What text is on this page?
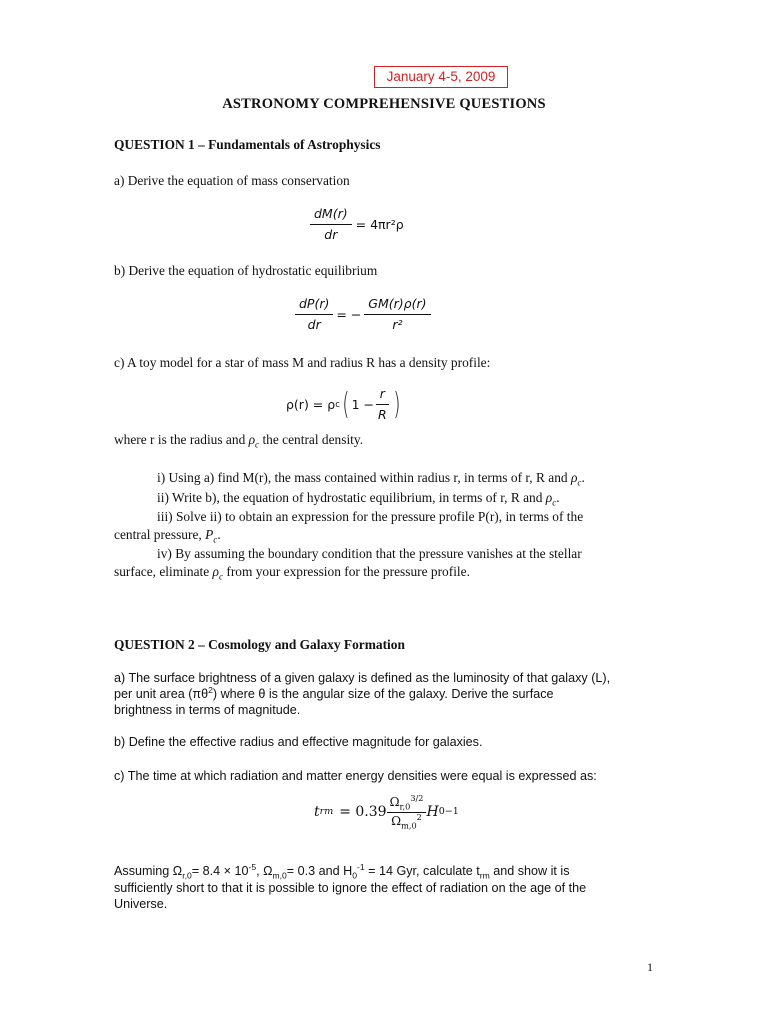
January 4-5, 2009
ASTRONOMY COMPREHENSIVE QUESTIONS
QUESTION 1 – Fundamentals of Astrophysics
a) Derive the equation of mass conservation
$\frac{dM(r)}{dr} = 4\pi r^2\rho$
b) Derive the equation of hydrostatic equilibrium
$\frac{dP(r)}{dr}$ = − $\frac{GM(r)\rho(r)}{\text{r²}}$
c) A toy model for a star of mass M and radius R has a density profile:
ρ(r) = ρ c ( $1 - \frac{r}{R}$ )
where r is the radius and $\rho_c$ the central density.
i) Using a) find M(r), the mass contained within radius r, in terms of r, R and $\rho_c$.
ii) Write b), the equation of hydrostatic equilibrium, in terms of r, R and $\rho_c$.
iii) Solve ii) to obtain an expression for the pressure profile P(r), in terms of the
central pressure, $P_c$.
iv) By assuming the boundary condition that the pressure vanishes at the stellar
surface, eliminate $\rho_c$ from your expression for the pressure profile.
QUESTION 2 – Cosmology and Galaxy Formation
a) The surface brightness of a given galaxy is defined as the luminosity of that galaxy (L),
per unit area $(\pi\theta^2)$ where θ is the angular size of the galaxy. Derive the surface
brightness in terms of magnitude.
b) Define the effective radius and effective magnitude for galaxies.
c) The time at which radiation and matter energy densities were equal is expressed as:
t rm = $0.39 \frac{\Omega_{r,0}^{3/2}}{\Omega_{m,0}^2}$ H 0 −1
Assuming $\Omega_{r,0}= 8.4 \times 10^{-5}$, $\Omega_{m,0}= 0.3$ and $H_0^{-1} = 14$ Gyr, calculate $t_{rm}$ and show it is
sufficiently short to that it is possible to ignore the effect of radiation on the age of the
Universe.
1
